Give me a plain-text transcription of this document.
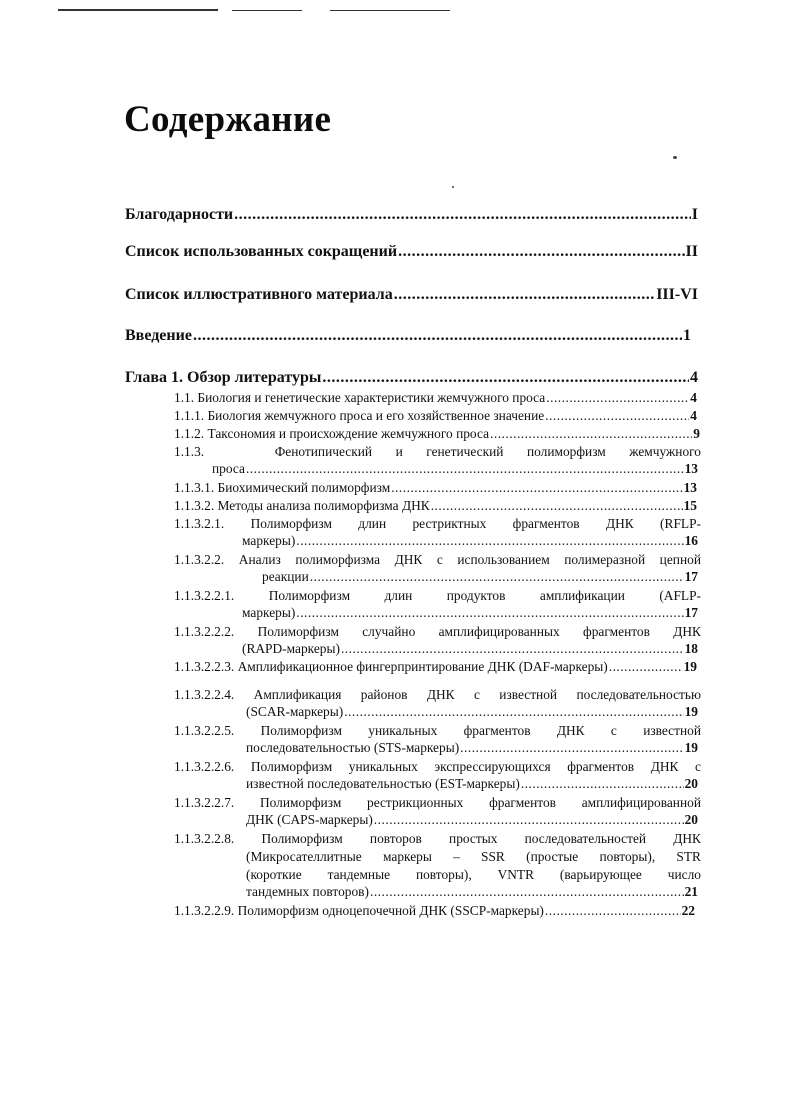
Содержание
Благодарности .....	I
Список использованных сокращений .....	II
Список иллюстративного материала .....	III-VI
Введение .....	1
Глава 1. Обзор литературы .....	4
1.1. Биология и генетические характеристики жемчужного проса .....	4
1.1.1. Биология жемчужного проса и его хозяйственное значение .....	4
1.1.2. Таксономия и происхождение жемчужного проса .....	9
1.1.3.	Фенотипический и генетический полиморфизм жемчужного
проса .....	13
1.1.3.1. Биохимический полиморфизм .....	13
1.1.3.2. Методы анализа полиморфизма ДНК .....	15
1.1.3.2.1. Полиморфизм длин рестриктных фрагментов ДНК (RFLP-
маркеры) .....	16
1.1.3.2.2. Анализ полиморфизма ДНК с использованием полимеразной цепной
реакции .....	17
1.1.3.2.2.1.	Полиморфизм длин продуктов амплификации (AFLP-
маркеры) .....	17
1.1.3.2.2.2. Полиморфизм случайно амплифицированных фрагментов ДНК
(RAPD-маркеры) .....	18
1.1.3.2.2.3. Амплификационное фингерпринтирование ДНК (DAF-маркеры) .....	19
1.1.3.2.2.4. Амплификация районов ДНК с известной последовательностью
(SCAR-маркеры) .....	19
1.1.3.2.2.5. Полиморфизм уникальных фрагментов ДНК с известной
последовательностью (STS-маркеры) .....	19
1.1.3.2.2.6. Полиморфизм уникальных экспрессирующихся фрагментов ДНК с
известной последовательностью (EST-маркеры) .....	20
1.1.3.2.2.7. Полиморфизм рестрикционных фрагментов амплифицированной
ДНК (CAPS-маркеры) .....	20
1.1.3.2.2.8. Полиморфизм повторов простых последовательностей ДНК
(Микросателлитные маркеры – SSR (простые повторы), STR
(короткие тандемные повторы), VNTR (варьирующее число
тандемных повторов) .....	21
1.1.3.2.2.9. Полиморфизм одноцепочечной ДНК (SSCP-маркеры) .....	22
